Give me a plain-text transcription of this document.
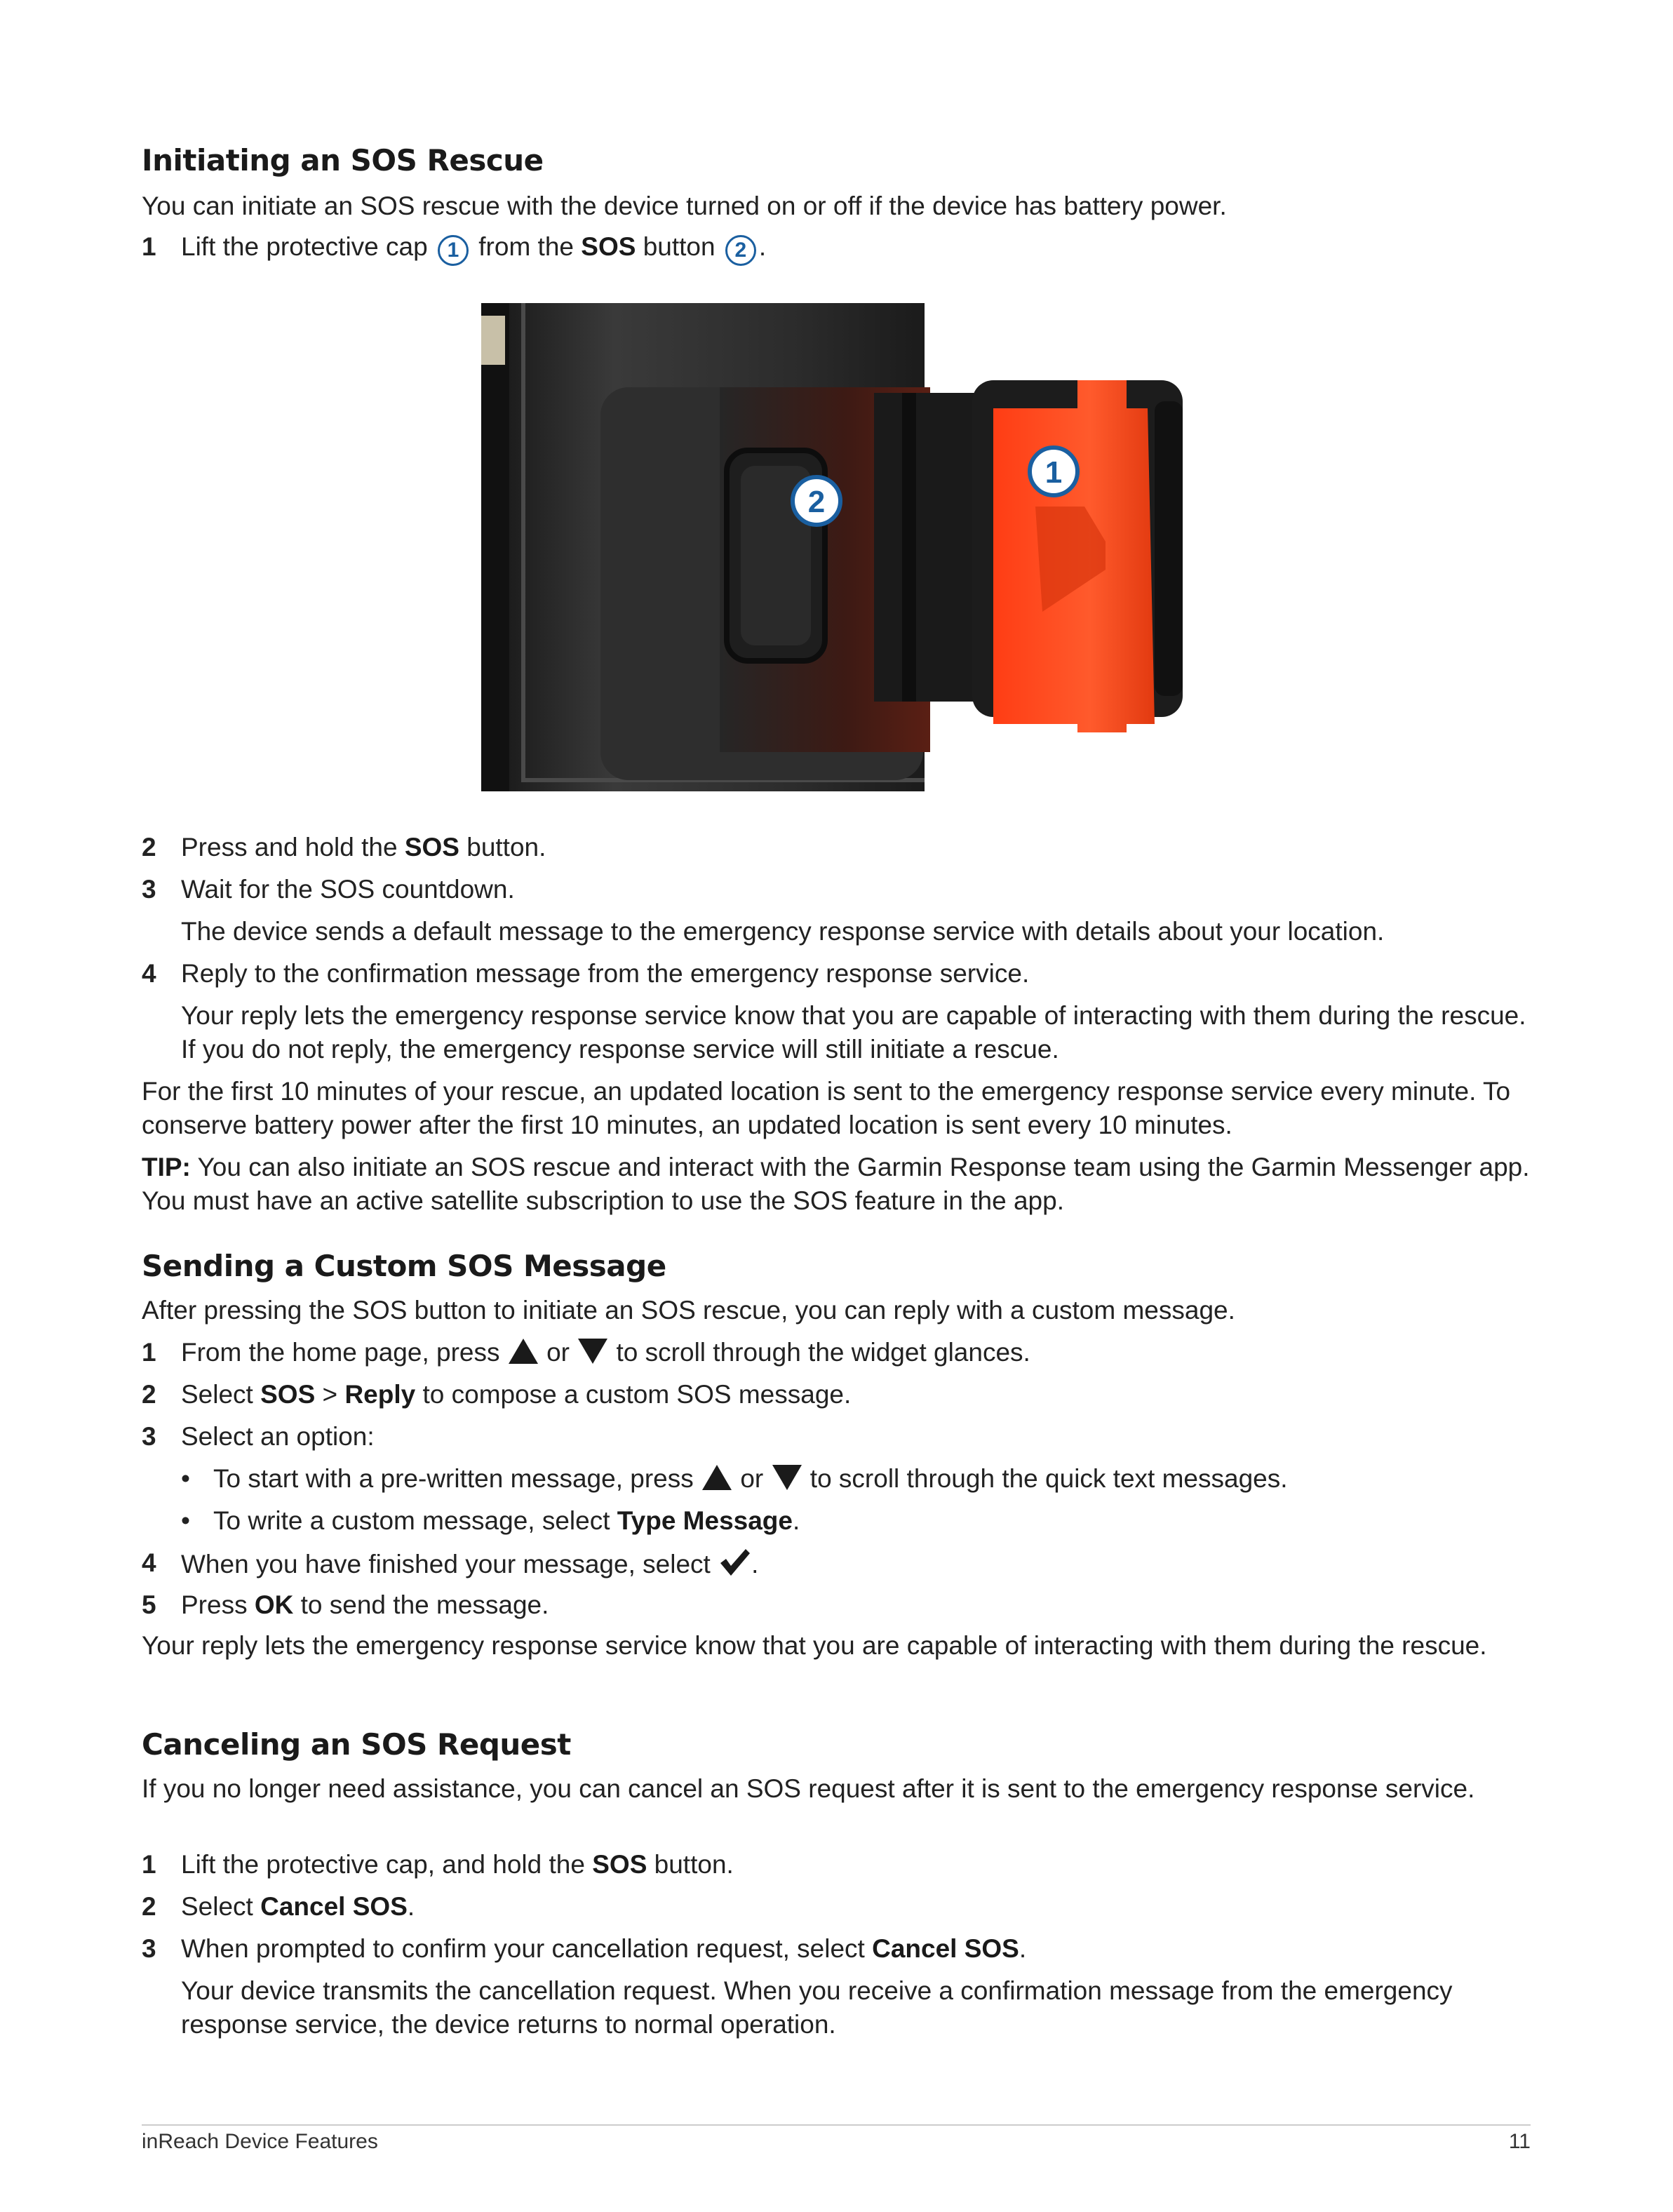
Initiating an SOS Rescue

You can initiate an SOS rescue with the device turned on or off if the device has battery power.

1 Lift the protective cap 1 from the SOS button 2 .
2
1
2 Press and hold the SOS button.
3 Wait for the SOS countdown.
The device sends a default message to the emergency response service with details about your location.
4 Reply to the confirmation message from the emergency response service.
Your reply lets the emergency response service know that you are capable of interacting with them during the rescue. If you do not reply, the emergency response service will still initiate a rescue.

For the first 10 minutes of your rescue, an updated location is sent to the emergency response service every minute. To conserve battery power after the first 10 minutes, an updated location is sent every 10 minutes.

TIP: You can also initiate an SOS rescue and interact with the Garmin Response team using the Garmin Messenger app. You must have an active satellite subscription to use the SOS feature in the app.

Sending a Custom SOS Message

After pressing the SOS button to initiate an SOS rescue, you can reply with a custom message.

1 From the home page, press or to scroll through the widget glances.
2 Select SOS > Reply to compose a custom SOS message.
3 Select an option:
• To start with a pre-written message, press or to scroll through the quick text messages.
• To write a custom message, select Type Message.
4 When you have finished your message, select .
5 Press OK to send the message.

Your reply lets the emergency response service know that you are capable of interacting with them during the rescue.

Canceling an SOS Request

If you no longer need assistance, you can cancel an SOS request after it is sent to the emergency response service.

1 Lift the protective cap, and hold the SOS button.
2 Select Cancel SOS.
3 When prompted to confirm your cancellation request, select Cancel SOS.
Your device transmits the cancellation request. When you receive a confirmation message from the emergency response service, the device returns to normal operation.
inReach Device Features	11
